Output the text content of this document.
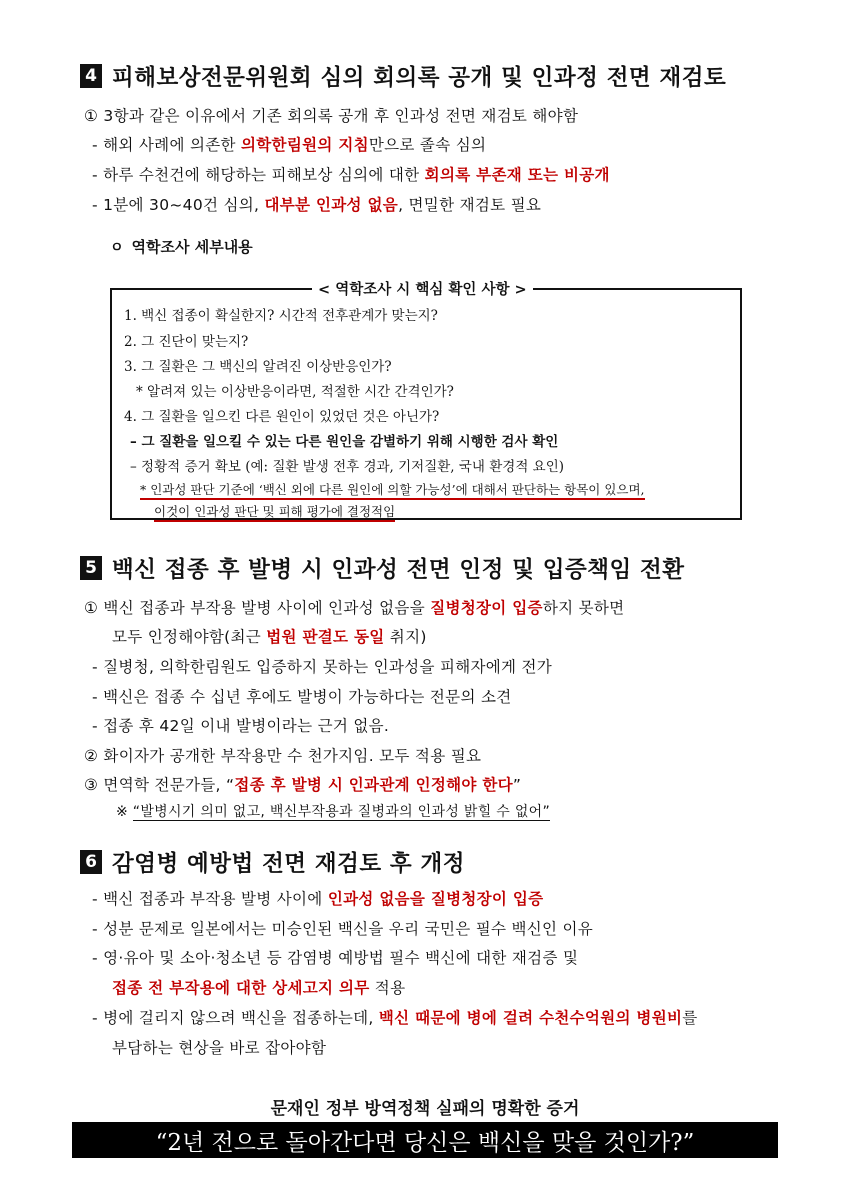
4 피해보상전문위원회 심의 회의록 공개 및 인과정 전면 재검토
① 3항과 같은 이유에서 기존 회의록 공개 후 인과성 전면 재검토 해야함
- 해외 사례에 의존한 의학한림원의 지침만으로 졸속 심의
- 하루 수천건에 해당하는 피해보상 심의에 대한 회의록 부존재 또는 비공개
- 1분에 30~40건 심의, 대부분 인과성 없음, 면밀한 재검토 필요
ㅇ 역학조사 세부내용
< 역학조사 시 핵심 확인 사항 >
1. 백신 접종이 확실한지? 시간적 전후관계가 맞는지?
2. 그 진단이 맞는지?
3. 그 질환은 그 백신의 알려진 이상반응인가?
* 알려져 있는 이상반응이라면, 적절한 시간 간격인가?
4. 그 질환을 일으킨 다른 원인이 있었던 것은 아닌가?
– 그 질환을 일으킬 수 있는 다른 원인을 감별하기 위해 시행한 검사 확인
– 정황적 증거 확보 (예: 질환 발생 전후 경과, 기저질환, 국내 환경적 요인)
* 인과성 판단 기준에 ‘백신 외에 다른 원인에 의할 가능성’에 대해서 판단하는 항목이 있으며,
이것이 인과성 판단 및 피해 평가에 결정적임
5 백신 접종 후 발병 시 인과성 전면 인정 및 입증책임 전환
① 백신 접종과 부작용 발병 사이에 인과성 없음을 질병청장이 입증하지 못하면
모두 인정해야함(최근 법원 판결도 동일 취지)
- 질병청, 의학한림원도 입증하지 못하는 인과성을 피해자에게 전가
- 백신은 접종 수 십년 후에도 발병이 가능하다는 전문의 소견
- 접종 후 42일 이내 발병이라는 근거 없음.
② 화이자가 공개한 부작용만 수 천가지임. 모두 적용 필요
③ 면역학 전문가들, “접종 후 발병 시 인과관계 인정해야 한다”
※ “발병시기 의미 없고, 백신부작용과 질병과의 인과성 밝힐 수 없어”
6 감염병 예방법 전면 재검토 후 개정
- 백신 접종과 부작용 발병 사이에 인과성 없음을 질병청장이 입증
- 성분 문제로 일본에서는 미승인된 백신을 우리 국민은 필수 백신인 이유
- 영·유아 및 소아·청소년 등 감염병 예방법 필수 백신에 대한 재검증 및
접종 전 부작용에 대한 상세고지 의무 적용
- 병에 걸리지 않으려 백신을 접종하는데, 백신 때문에 병에 걸려 수천수억원의 병원비를
부담하는 현상을 바로 잡아야함
문재인 정부 방역정책 실패의 명확한 증거
“2년 전으로 돌아간다면 당신은 백신을 맞을 것인가?”
